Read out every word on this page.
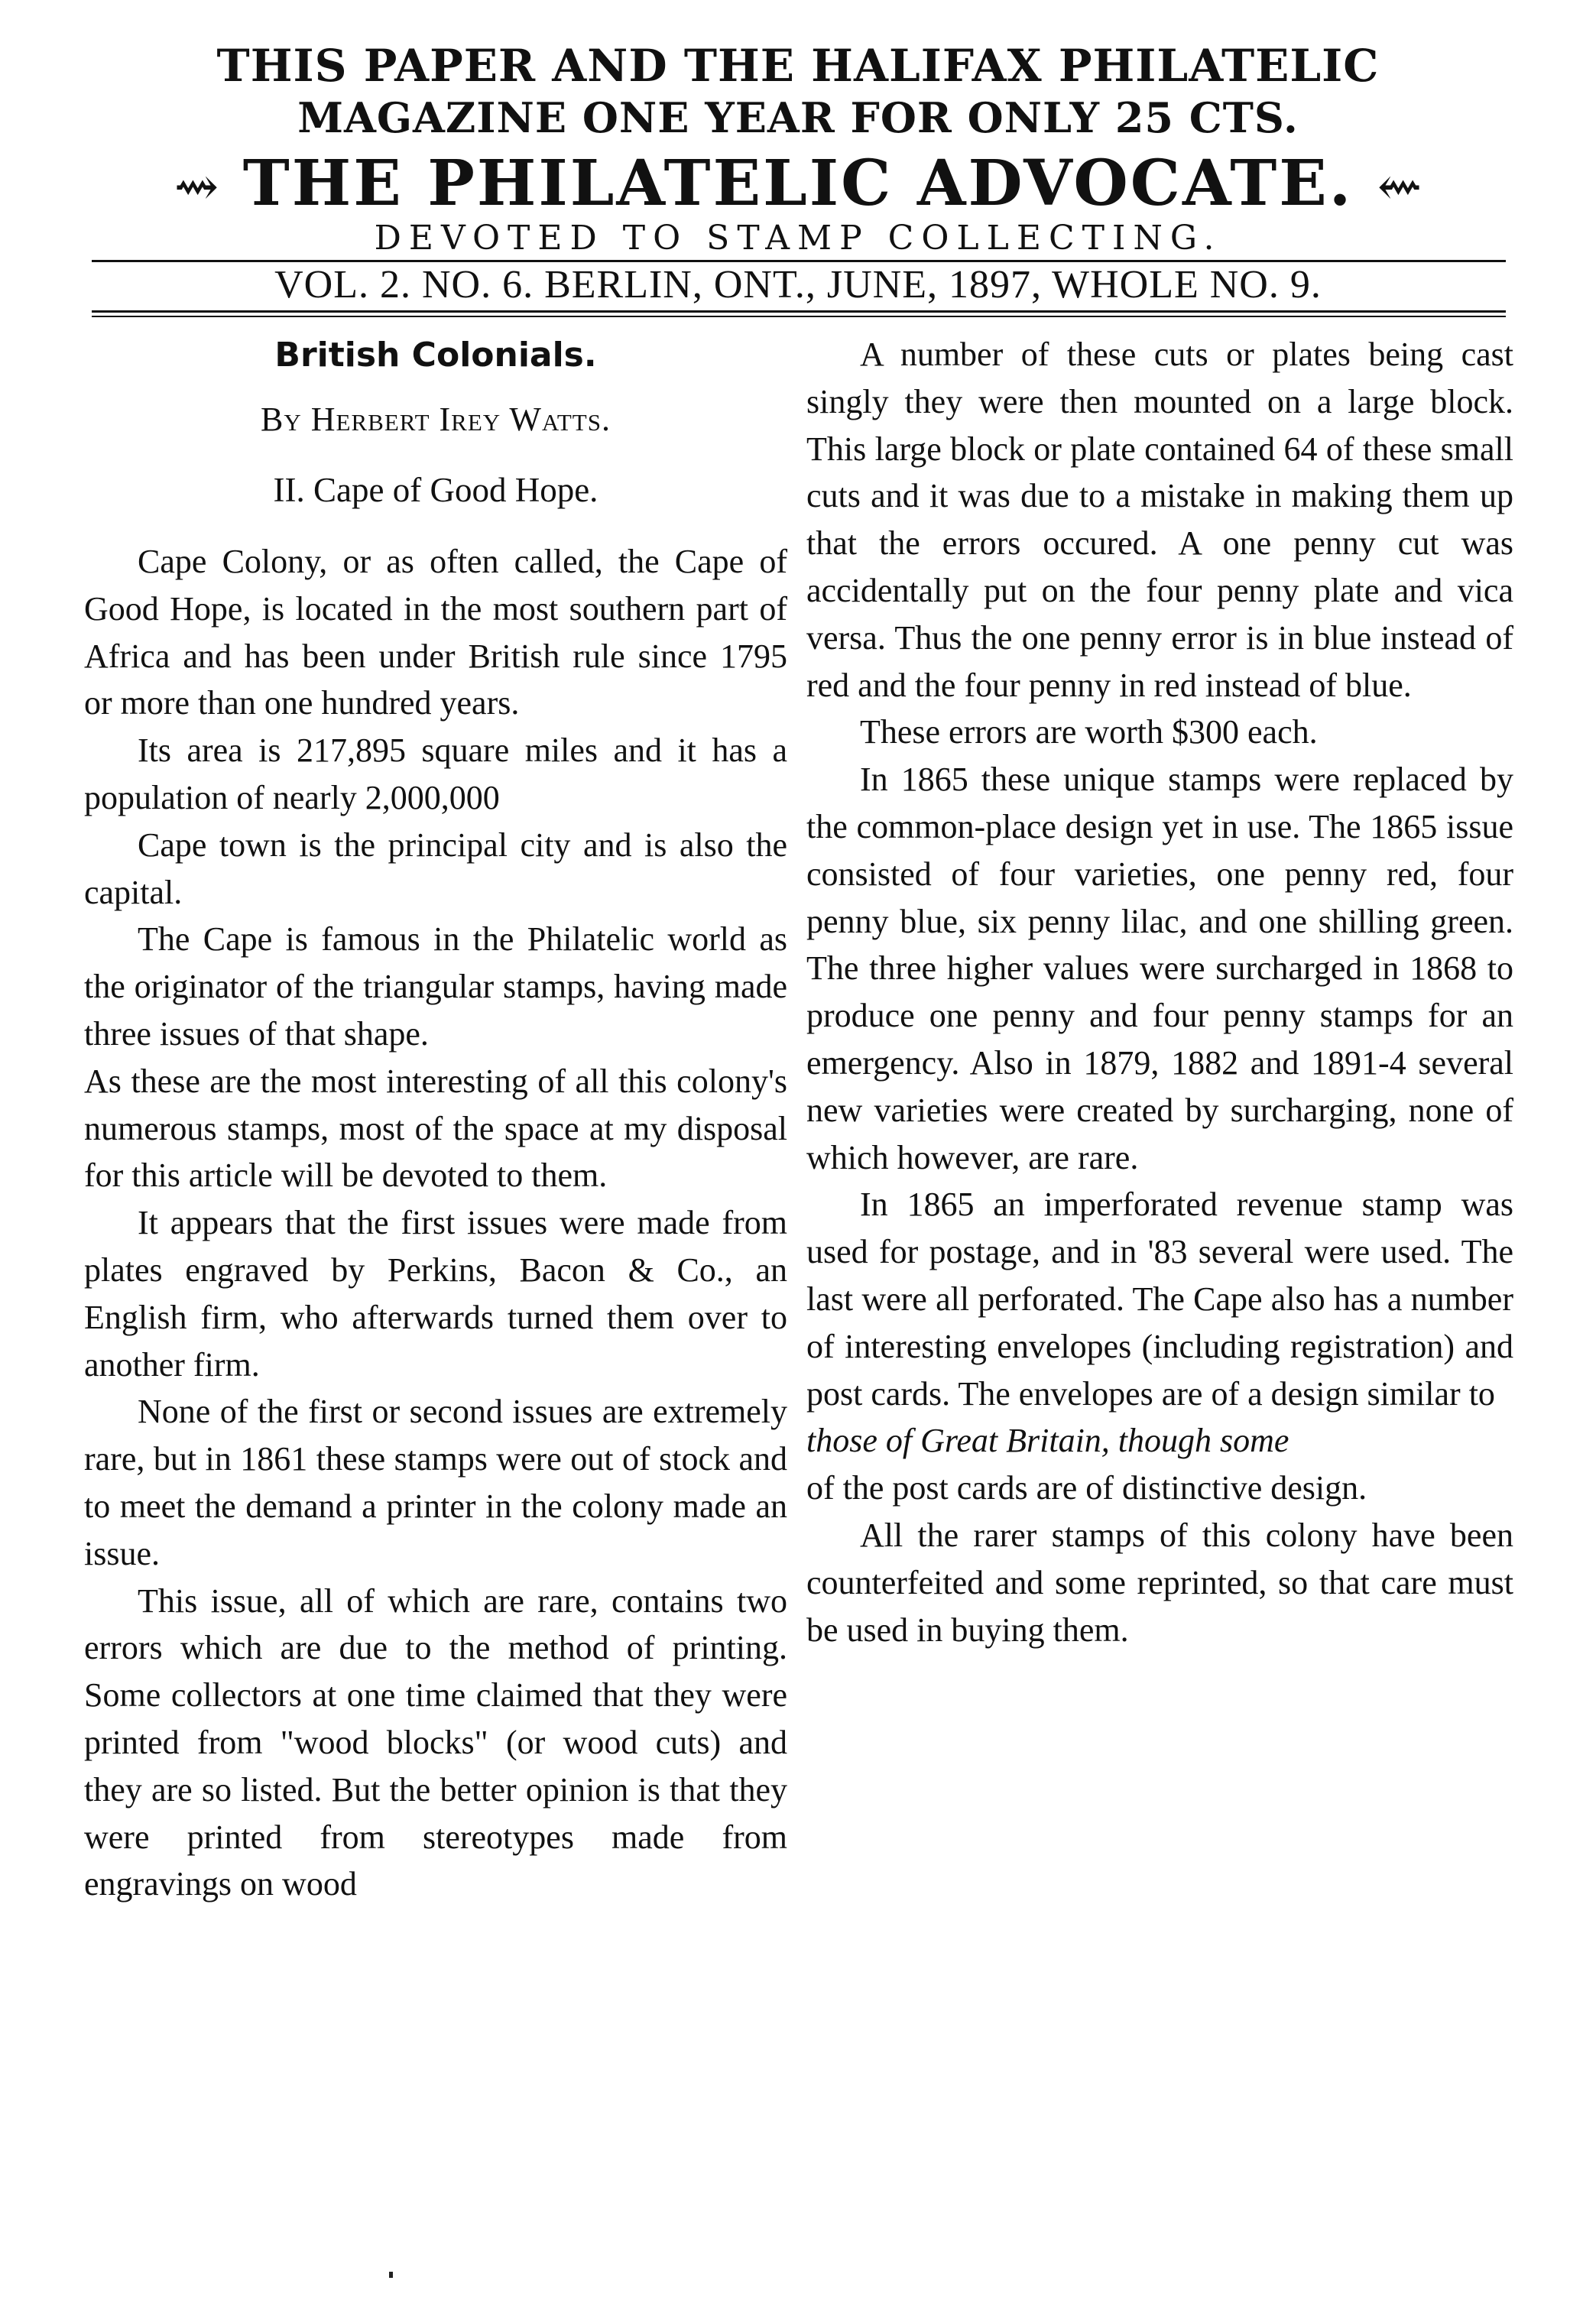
THIS PAPER AND THE HALIFAX PHILATELIC
MAGAZINE ONE YEAR FOR ONLY 25 CTS.
⇝ THE PHILATELIC ADVOCATE. ⇜
DEVOTED TO STAMP COLLECTING.
VOL. 2. NO. 6. BERLIN, ONT., JUNE, 1897, WHOLE NO. 9.
British Colonials.
By Herbert Irey Watts.
II. Cape of Good Hope.

Cape Colony, or as often called, the Cape of Good Hope, is located in the most southern part of Africa and has been under British rule since 1795 or more than one hundred years.

Its area is 217,895 square miles and it has a population of nearly 2,000,000

Cape town is the principal city and is also the capital.

The Cape is famous in the Philatelic world as the originator of the triangular stamps, having made three issues of that shape.

As these are the most interesting of all this colony's numerous stamps, most of the space at my disposal for this article will be devoted to them.

It appears that the first issues were made from plates engraved by Perkins, Bacon & Co., an English firm, who afterwards turned them over to another firm.

None of the first or second issues are extremely rare, but in 1861 these stamps were out of stock and to meet the demand a printer in the colony made an issue.

This issue, all of which are rare, contains two errors which are due to the method of printing. Some collectors at one time claimed that they were printed from "wood blocks" (or wood cuts) and they are so listed. But the better opinion is that they were printed from stereotypes made from engravings on wood

A number of these cuts or plates being cast singly they were then mounted on a large block. This large block or plate contained 64 of these small cuts and it was due to a mistake in making them up that the errors occured. A one penny cut was accidentally put on the four penny plate and vica versa. Thus the one penny error is in blue instead of red and the four penny in red instead of blue.

These errors are worth $300 each.

In 1865 these unique stamps were replaced by the common-place design yet in use. The 1865 issue consisted of four varieties, one penny red, four penny blue, six penny lilac, and one shilling green. The three higher values were surcharged in 1868 to produce one penny and four penny stamps for an emergency. Also in 1879, 1882 and 1891-4 several new varieties were created by surcharging, none of which however, are rare.

In 1865 an imperforated revenue stamp was used for postage, and in '83 several were used. The last were all perforated. The Cape also has a number of interesting envelopes (including registration) and post cards. The envelopes are of a design similar to

those of Great Britain, though some

of the post cards are of distinctive design.

All the rarer stamps of this colony have been counterfeited and some reprinted, so that care must be used in buying them.
